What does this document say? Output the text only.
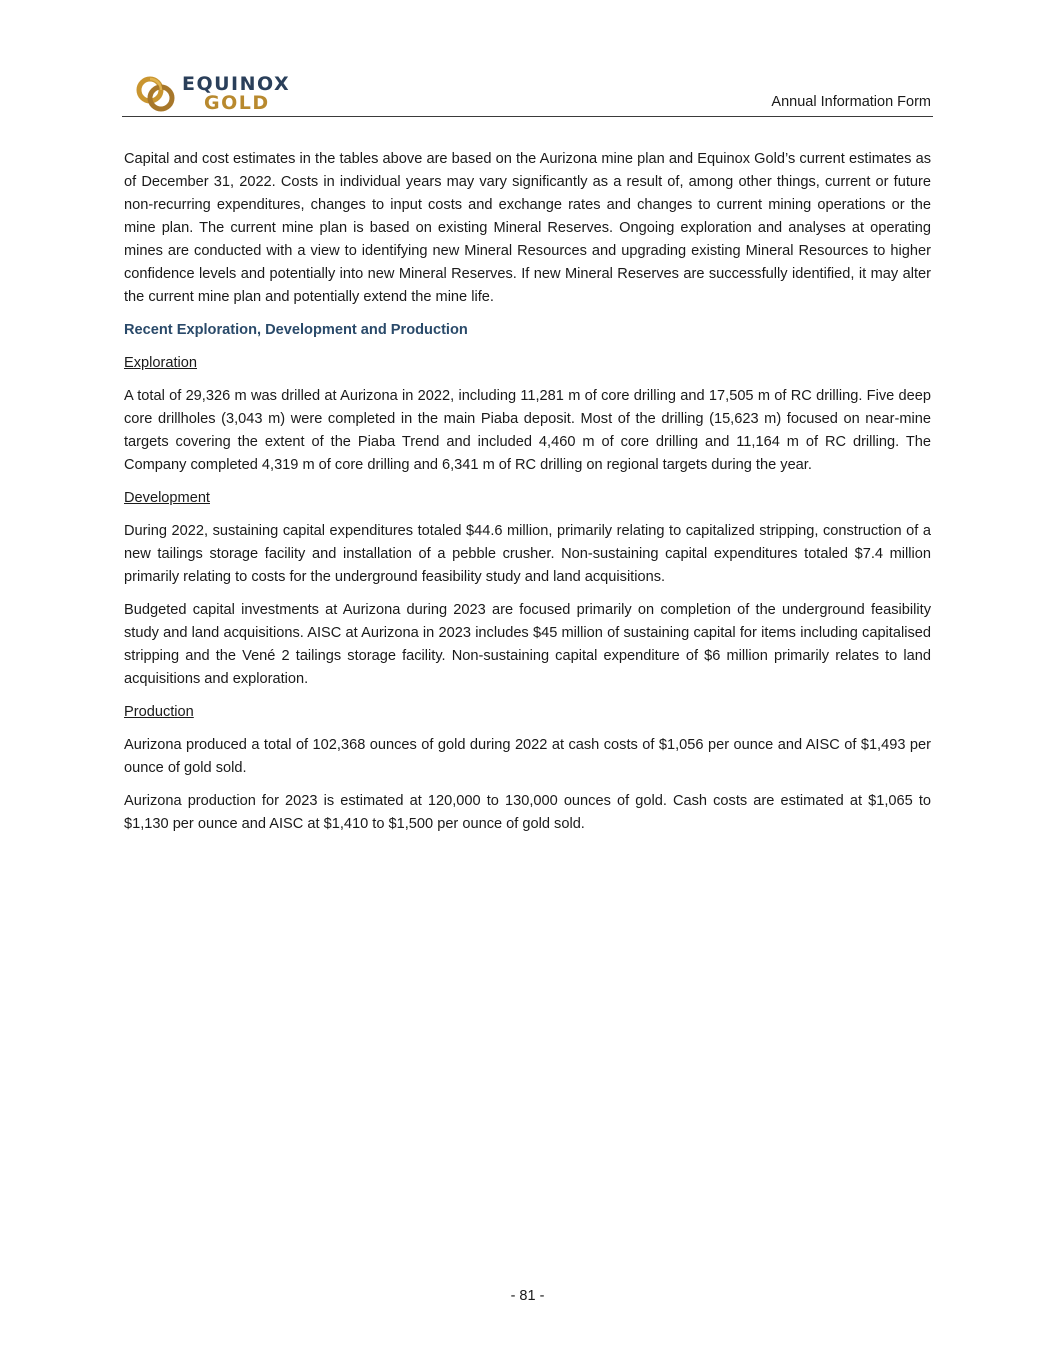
EQUINOX
GOLD	Annual Information Form

Capital and cost estimates in the tables above are based on the Aurizona mine plan and Equinox Gold’s current estimates as of December 31, 2022. Costs in individual years may vary significantly as a result of, among other things, current or future non-recurring expenditures, changes to input costs and exchange rates and changes to current mining operations or the mine plan. The current mine plan is based on existing Mineral Reserves. Ongoing exploration and analyses at operating mines are conducted with a view to identifying new Mineral Resources and upgrading existing Mineral Resources to higher confidence levels and potentially into new Mineral Reserves. If new Mineral Reserves are successfully identified, it may alter the current mine plan and potentially extend the mine life.

Recent Exploration, Development and Production
Exploration

A total of 29,326 m was drilled at Aurizona in 2022, including 11,281 m of core drilling and 17,505 m of RC drilling. Five deep core drillholes (3,043 m) were completed in the main Piaba deposit. Most of the drilling (15,623 m) focused on near-mine targets covering the extent of the Piaba Trend and included 4,460 m of core drilling and 11,164 m of RC drilling. The Company completed 4,319 m of core drilling and 6,341 m of RC drilling on regional targets during the year.

Development

During 2022, sustaining capital expenditures totaled $44.6 million, primarily relating to capitalized stripping, construction of a new tailings storage facility and installation of a pebble crusher. Non-sustaining capital expenditures totaled $7.4 million primarily relating to costs for the underground feasibility study and land acquisitions.

Budgeted capital investments at Aurizona during 2023 are focused primarily on completion of the underground feasibility study and land acquisitions. AISC at Aurizona in 2023 includes $45 million of sustaining capital for items including capitalised stripping and the Vené 2 tailings storage facility. Non-sustaining capital expenditure of $6 million primarily relates to land acquisitions and exploration.

Production

Aurizona produced a total of 102,368 ounces of gold during 2022 at cash costs of $1,056 per ounce and AISC of $1,493 per ounce of gold sold.

Aurizona production for 2023 is estimated at 120,000 to 130,000 ounces of gold. Cash costs are estimated at $1,065 to $1,130 per ounce and AISC at $1,410 to $1,500 per ounce of gold sold.

- 81 -
